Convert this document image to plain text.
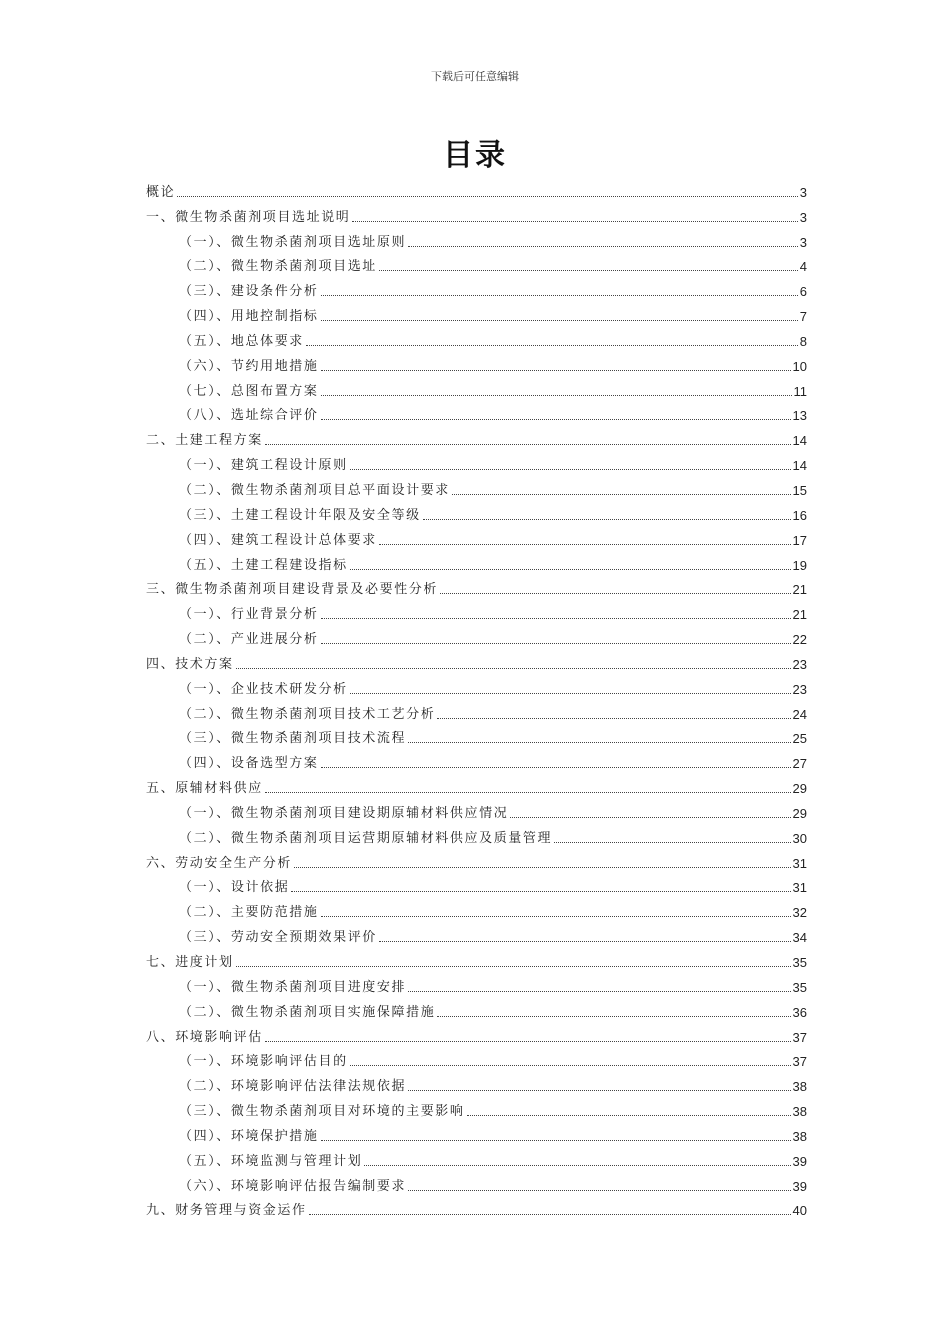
下载后可任意编辑
目录
概论	3
一、微生物杀菌剂项目选址说明	3
（一）、微生物杀菌剂项目选址原则	3
（二）、微生物杀菌剂项目选址	4
（三）、建设条件分析	6
（四）、用地控制指标	7
（五）、地总体要求	8
（六）、节约用地措施	10
（七）、总图布置方案	11
（八）、选址综合评价	13
二、土建工程方案	14
（一）、建筑工程设计原则	14
（二）、微生物杀菌剂项目总平面设计要求	15
（三）、土建工程设计年限及安全等级	16
（四）、建筑工程设计总体要求	17
（五）、土建工程建设指标	19
三、微生物杀菌剂项目建设背景及必要性分析	21
（一）、行业背景分析	21
（二）、产业进展分析	22
四、技术方案	23
（一）、企业技术研发分析	23
（二）、微生物杀菌剂项目技术工艺分析	24
（三）、微生物杀菌剂项目技术流程	25
（四）、设备选型方案	27
五、原辅材料供应	29
（一）、微生物杀菌剂项目建设期原辅材料供应情况	29
（二）、微生物杀菌剂项目运营期原辅材料供应及质量管理	30
六、劳动安全生产分析	31
（一）、设计依据	31
（二）、主要防范措施	32
（三）、劳动安全预期效果评价	34
七、进度计划	35
（一）、微生物杀菌剂项目进度安排	35
（二）、微生物杀菌剂项目实施保障措施	36
八、环境影响评估	37
（一）、环境影响评估目的	37
（二）、环境影响评估法律法规依据	38
（三）、微生物杀菌剂项目对环境的主要影响	38
（四）、环境保护措施	38
（五）、环境监测与管理计划	39
（六）、环境影响评估报告编制要求	39
九、财务管理与资金运作	40
